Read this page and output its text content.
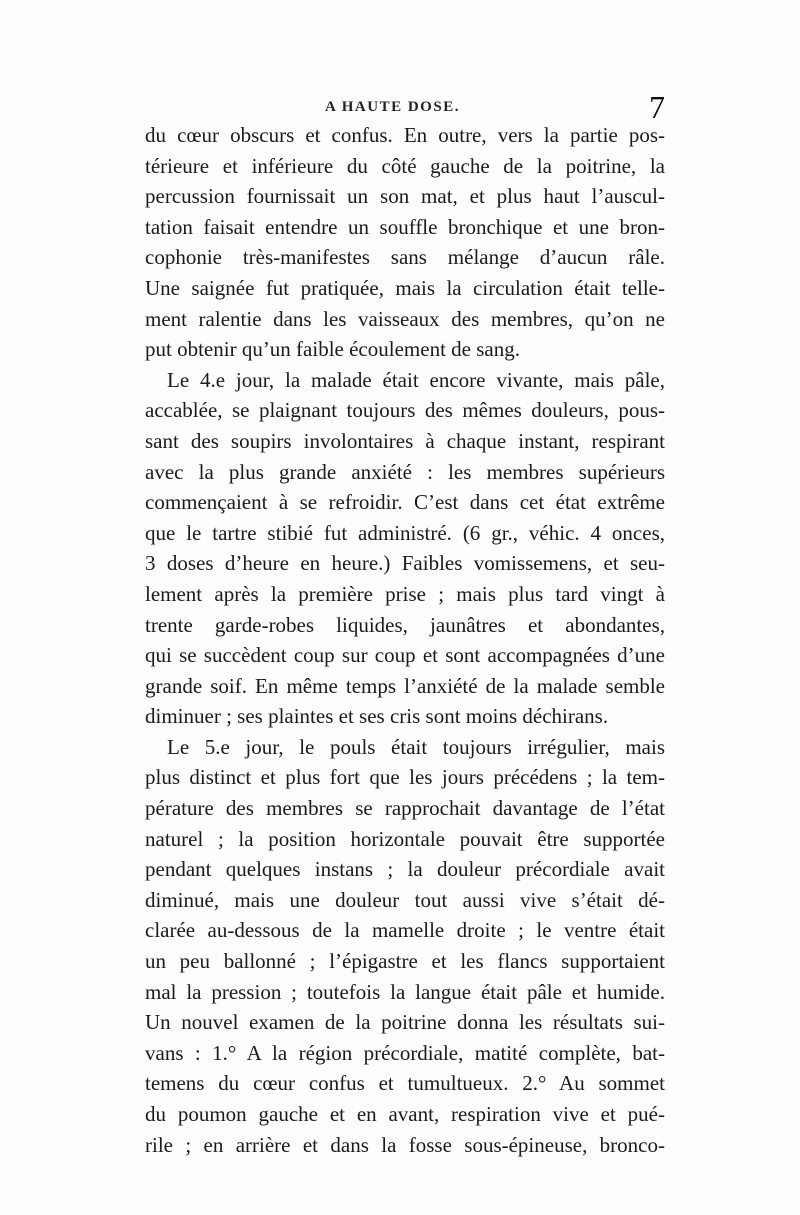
A HAUTE DOSE.	7
du cœur obscurs et confus. En outre, vers la partie pos-
térieure et inférieure du côté gauche de la poitrine, la
percussion fournissait un son mat, et plus haut l’auscul-
tation faisait entendre un souffle bronchique et une bron-
cophonie très-manifestes sans mélange d’aucun râle.
Une saignée fut pratiquée, mais la circulation était telle-
ment ralentie dans les vaisseaux des membres, qu’on ne
put obtenir qu’un faible écoulement de sang.
Le 4.e jour, la malade était encore vivante, mais pâle,
accablée, se plaignant toujours des mêmes douleurs, pous-
sant des soupirs involontaires à chaque instant, respirant
avec la plus grande anxiété : les membres supérieurs
commençaient à se refroidir. C’est dans cet état extrême
que le tartre stibié fut administré. (6 gr., véhic. 4 onces,
3 doses d’heure en heure.) Faibles vomissemens, et seu-
lement après la première prise ; mais plus tard vingt à
trente garde-robes liquides, jaunâtres et abondantes,
qui se succèdent coup sur coup et sont accompagnées d’une
grande soif. En même temps l’anxiété de la malade semble
diminuer ; ses plaintes et ses cris sont moins déchirans.
Le 5.e jour, le pouls était toujours irrégulier, mais
plus distinct et plus fort que les jours précédens ; la tem-
pérature des membres se rapprochait davantage de l’état
naturel ; la position horizontale pouvait être supportée
pendant quelques instans ; la douleur précordiale avait
diminué, mais une douleur tout aussi vive s’était dé-
clarée au-dessous de la mamelle droite ; le ventre était
un peu ballonné ; l’épigastre et les flancs supportaient
mal la pression ; toutefois la langue était pâle et humide.
Un nouvel examen de la poitrine donna les résultats sui-
vans : 1.° A la région précordiale, matité complète, bat-
temens du cœur confus et tumultueux. 2.° Au sommet
du poumon gauche et en avant, respiration vive et pué-
rile ; en arrière et dans la fosse sous-épineuse, bronco-
